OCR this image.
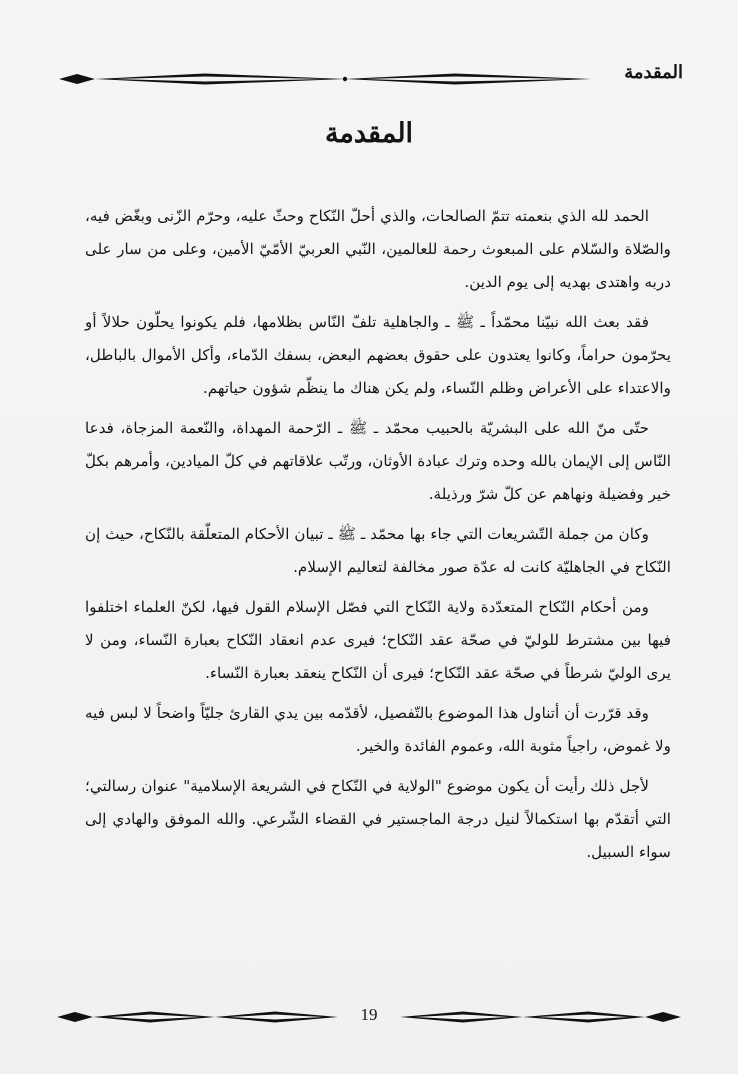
المقدمة
المقدمة

الحمد لله الذي بنعمته تتمّ الصالحات، والذي أحلّ النّكاح وحثّ عليه، وحرّم الزّنى وبغّض فيه، والصّلاة والسّلام على المبعوث رحمة للعالمين، النّبي العربيّ الأمّيّ الأمين، وعلى من سار على دربه واهتدى بهديه إلى يوم الدين.

فقد بعث الله نبيّنا محمّداً ـ ﷺ ـ والجاهلية تلفّ النّاس بظلامها، فلم يكونوا يحلّون حلالاً أو يحرّمون حراماً، وكانوا يعتدون على حقوق بعضهم البعض، بسفك الدّماء، وأكل الأموال بالباطل، والاعتداء على الأعراض وظلم النّساء، ولم يكن هناك ما ينظّم شؤون حياتهم.

حتّى منّ الله على البشريّة بالحبيب محمّد ـ ﷺ ـ الرّحمة المهداة، والنّعمة المزجاة، فدعا النّاس إلى الإيمان بالله وحده وترك عبادة الأوثان، ورتّب علاقاتهم في كلّ الميادين، وأمرهم بكلّ خير وفضيلة ونهاهم عن كلّ شرّ ورذيلة.

وكان من جملة التّشريعات التي جاء بها محمّد ـ ﷺ ـ تبيان الأحكام المتعلّقة بالنّكاح، حيث إن النّكاح في الجاهليّة كانت له عدّة صور مخالفة لتعاليم الإسلام.

ومن أحكام النّكاح المتعدّدة ولاية النّكاح التي فصّل الإسلام القول فيها، لكنّ العلماء اختلفوا فيها بين مشترط للوليّ في صحّة عقد النّكاح؛ فيرى عدم انعقاد النّكاح بعبارة النّساء، ومن لا يرى الوليّ شرطاً في صحّة عقد النّكاح؛ فيرى أن النّكاح ينعقد بعبارة النّساء.

وقد قرّرت أن أتناول هذا الموضوع بالتّفصيل، لأقدّمه بين يدي القارئ جليّاً واضحاً لا لبس فيه ولا غموض، راجياً مثوبة الله، وعموم الفائدة والخير.

لأجل ذلك رأيت أن يكون موضوع "الولاية في النّكاح في الشريعة الإسلامية" عنوان رسالتي؛ التي أتقدّم بها استكمالاً لنيل درجة الماجستير في القضاء الشّرعي. والله الموفق والهادي إلى سواء السبيل.

19
